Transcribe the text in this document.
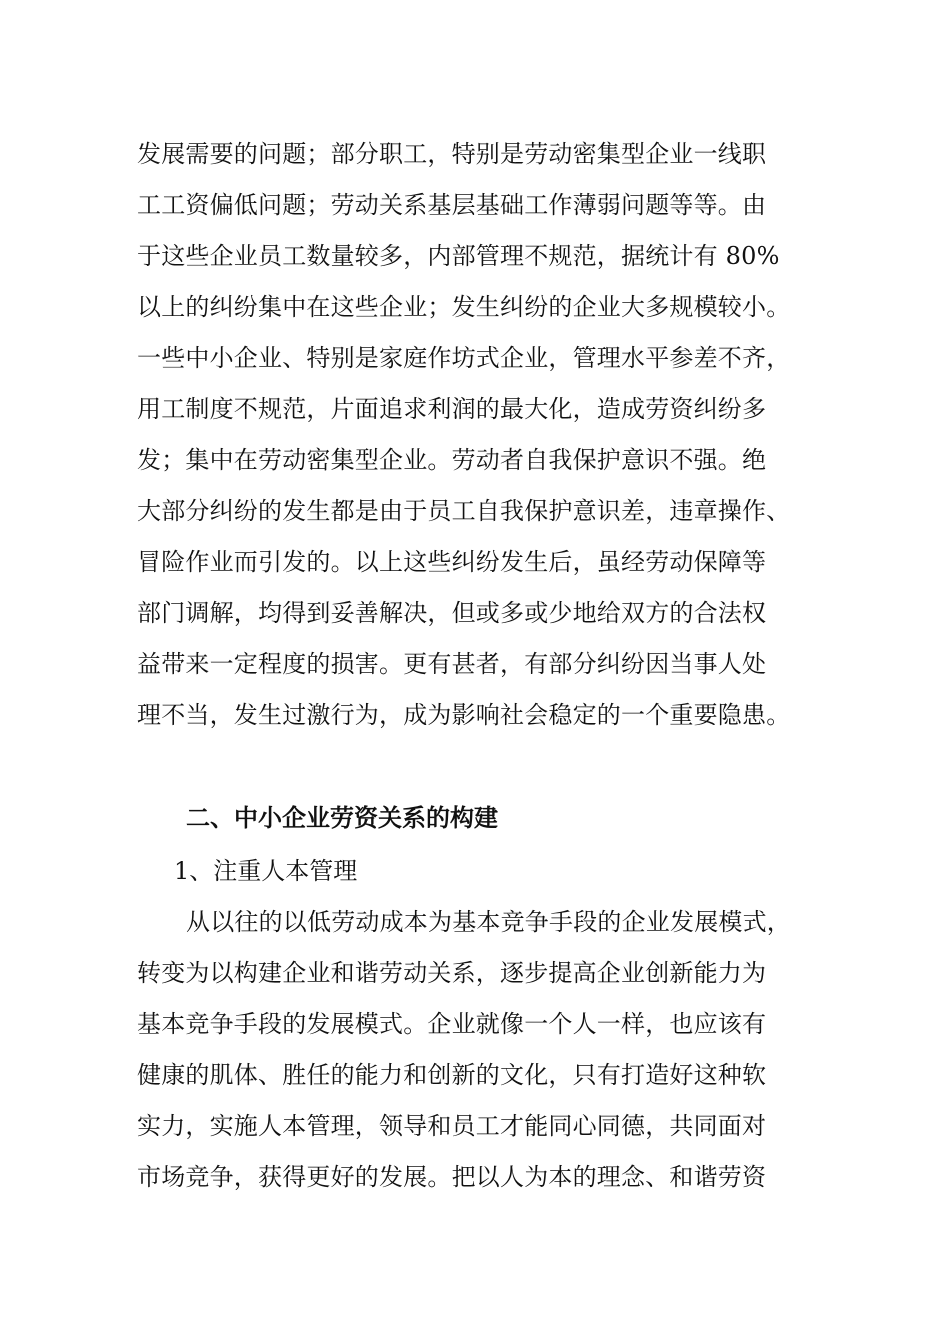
发展需要的问题；部分职工，特别是劳动密集型企业一线职
工工资偏低问题；劳动关系基层基础工作薄弱问题等等。由
于这些企业员工数量较多，内部管理不规范，据统计有 80%
以上的纠纷集中在这些企业；发生纠纷的企业大多规模较小。
一些中小企业、特别是家庭作坊式企业，管理水平参差不齐，
用工制度不规范，片面追求利润的最大化，造成劳资纠纷多
发；集中在劳动密集型企业。劳动者自我保护意识不强。绝
大部分纠纷的发生都是由于员工自我保护意识差，违章操作、
冒险作业而引发的。以上这些纠纷发生后，虽经劳动保障等
部门调解，均得到妥善解决，但或多或少地给双方的合法权
益带来一定程度的损害。更有甚者，有部分纠纷因当事人处
理不当，发生过激行为，成为影响社会稳定的一个重要隐患。
二、中小企业劳资关系的构建
1、注重人本管理
从以往的以低劳动成本为基本竞争手段的企业发展模式，
转变为以构建企业和谐劳动关系，逐步提高企业创新能力为
基本竞争手段的发展模式。企业就像一个人一样，也应该有
健康的肌体、胜任的能力和创新的文化，只有打造好这种软
实力，实施人本管理，领导和员工才能同心同德，共同面对
市场竞争，获得更好的发展。把以人为本的理念、和谐劳资
